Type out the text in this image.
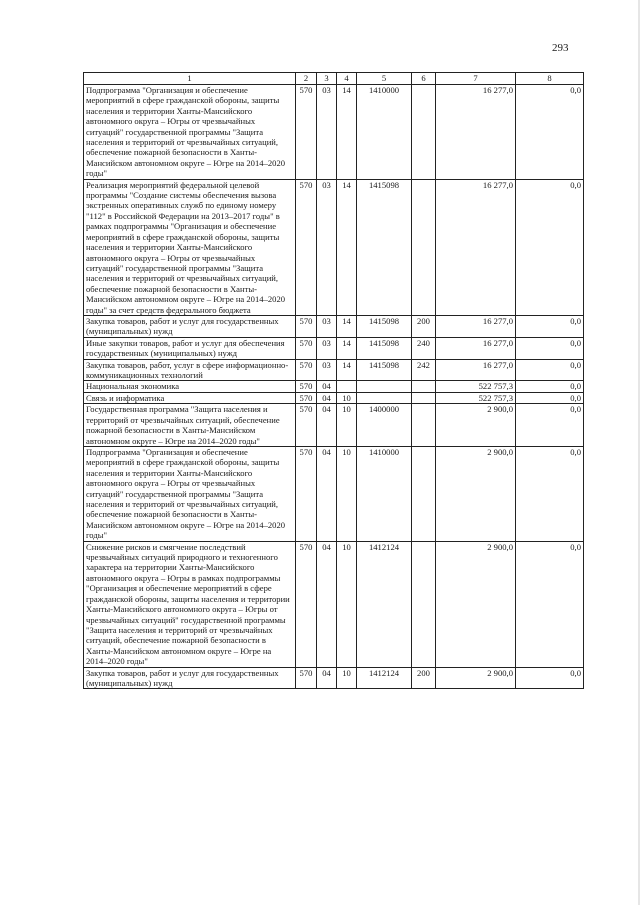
293
1	2	3	4	5	6	7	8
Подпрограмма "Организация и обеспечение мероприятий в сфере гражданской обороны, защиты населения и территории Ханты-Мансийского автономного округа – Югры от чрезвычайных ситуаций" государственной программы "Защита населения и территорий от чрезвычайных ситуаций, обеспечение пожарной безопасности в Ханты-Мансийском автономном округе – Югре на 2014–2020 годы"	570	03	14	1410000		16 277,0	0,0
Реализация мероприятий федеральной целевой программы "Создание системы обеспечения вызова экстренных оперативных служб по единому номеру "112" в Российской Федерации на 2013–2017 годы" в рамках подпрограммы "Организация и обеспечение мероприятий в сфере гражданской обороны, защиты населения и территории Ханты-Мансийского автономного округа – Югры от чрезвычайных ситуаций" государственной программы "Защита населения и территорий от чрезвычайных ситуаций, обеспечение пожарной безопасности в Ханты-Мансийском автономном округе – Югре на 2014–2020 годы" за счет средств федерального бюджета	570	03	14	1415098		16 277,0	0,0
Закупка товаров, работ и услуг для государственных (муниципальных) нужд	570	03	14	1415098	200	16 277,0	0,0
Иные закупки товаров, работ и услуг для обеспечения государственных (муниципальных) нужд	570	03	14	1415098	240	16 277,0	0,0
Закупка товаров, работ, услуг в сфере информационно-коммуникационных технологий	570	03	14	1415098	242	16 277,0	0,0
Национальная экономика	570	04				522 757,3	0,0
Связь и информатика	570	04	10			522 757,3	0,0
Государственная программа "Защита населения и территорий от чрезвычайных ситуаций, обеспечение пожарной безопасности в Ханты-Мансийском автономном округе – Югре на 2014–2020 годы"	570	04	10	1400000		2 900,0	0,0
Подпрограмма "Организация и обеспечение мероприятий в сфере гражданской обороны, защиты населения и территории Ханты-Мансийского автономного округа – Югры от чрезвычайных ситуаций" государственной программы "Защита населения и территорий от чрезвычайных ситуаций, обеспечение пожарной безопасности в Ханты-Мансийском автономном округе – Югре на 2014–2020 годы"	570	04	10	1410000		2 900,0	0,0
Снижение рисков и смягчение последствий чрезвычайных ситуаций природного и техногенного характера на территории Ханты-Мансийского автономного округа – Югры в рамках подпрограммы "Организация и обеспечение мероприятий в сфере гражданской обороны, защиты населения и территории Ханты-Мансийского автономного округа – Югры от чрезвычайных ситуаций" государственной программы "Защита населения и территорий от чрезвычайных ситуаций, обеспечение пожарной безопасности в Ханты-Мансийском автономном округе – Югре на 2014–2020 годы"	570	04	10	1412124		2 900,0	0,0
Закупка товаров, работ и услуг для государственных (муниципальных) нужд	570	04	10	1412124	200	2 900,0	0,0
